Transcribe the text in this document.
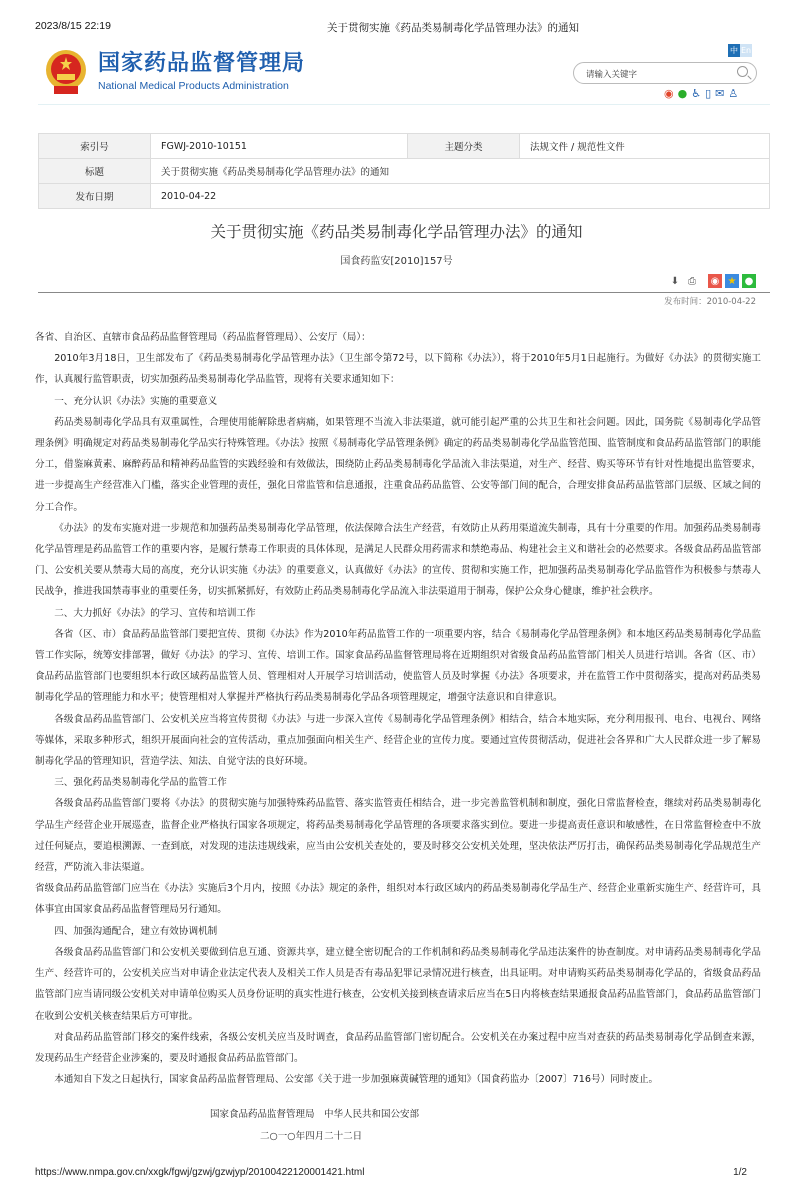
2023/8/15 22:19	关于贯彻实施《药品类易制毒化学品管理办法》的通知
国家药品监督管理局
National Medical Products Administration
中 En
请输入关键字
◉ ● ♿ ▯ ✉ ♙
索引号	FGWJ-2010-10151	主题分类	法规文件 / 规范性文件
标题	关于贯彻实施《药品类易制毒化学品管理办法》的通知		
发布日期	2010-04-22		
关于贯彻实施《药品类易制毒化学品管理办法》的通知
国食药监安[2010]157号
⬇ ⎙	◉ ★ ●
发布时间：2010-04-22

各省、自治区、直辖市食品药品监督管理局（药品监督管理局）、公安厅（局）：

2010年3月18日，卫生部发布了《药品类易制毒化学品管理办法》（卫生部令第72号，以下简称《办法》），将于2010年5月1日起施行。为做好《办法》的贯彻实施工作，认真履行监管职责，切实加强药品类易制毒化学品监管，现将有关要求通知如下：

一、充分认识《办法》实施的重要意义

药品类易制毒化学品具有双重属性，合理使用能解除患者病痛，如果管理不当流入非法渠道，就可能引起严重的公共卫生和社会问题。因此，国务院《易制毒化学品管理条例》明确规定对药品类易制毒化学品实行特殊管理。《办法》按照《易制毒化学品管理条例》确定的药品类易制毒化学品监管范围、监管制度和食品药品监管部门的职能分工，借鉴麻黄素、麻醉药品和精神药品监管的实践经验和有效做法，围绕防止药品类易制毒化学品流入非法渠道，对生产、经营、购买等环节有针对性地提出监管要求，进一步提高生产经营准入门槛，落实企业管理的责任，强化日常监管和信息通报，注重食品药品监管、公安等部门间的配合，合理安排食品药品监管部门层级、区域之间的分工合作。

《办法》的发布实施对进一步规范和加强药品类易制毒化学品管理，依法保障合法生产经营，有效防止从药用渠道流失制毒，具有十分重要的作用。加强药品类易制毒化学品管理是药品监管工作的重要内容，是履行禁毒工作职责的具体体现，是满足人民群众用药需求和禁绝毒品、构建社会主义和谐社会的必然要求。各级食品药品监管部门、公安机关要从禁毒大局的高度，充分认识实施《办法》的重要意义，认真做好《办法》的宣传、贯彻和实施工作，把加强药品类易制毒化学品监管作为积极参与禁毒人民战争，推进我国禁毒事业的重要任务，切实抓紧抓好，有效防止药品类易制毒化学品流入非法渠道用于制毒，保护公众身心健康，维护社会秩序。

二、大力抓好《办法》的学习、宣传和培训工作

各省（区、市）食品药品监管部门要把宣传、贯彻《办法》作为2010年药品监管工作的一项重要内容，结合《易制毒化学品管理条例》和本地区药品类易制毒化学品监管工作实际，统筹安排部署，做好《办法》的学习、宣传、培训工作。国家食品药品监督管理局将在近期组织对省级食品药品监管部门相关人员进行培训。各省（区、市）食品药品监管部门也要组织本行政区域药品监管人员、管理相对人开展学习培训活动，使监管人员及时掌握《办法》各项要求，并在监管工作中贯彻落实，提高对药品类易制毒化学品的管理能力和水平；使管理相对人掌握并严格执行药品类易制毒化学品各项管理规定，增强守法意识和自律意识。

各级食品药品监管部门、公安机关应当将宣传贯彻《办法》与进一步深入宣传《易制毒化学品管理条例》相结合，结合本地实际，充分利用报刊、电台、电视台、网络等媒体，采取多种形式，组织开展面向社会的宣传活动，重点加强面向相关生产、经营企业的宣传力度。要通过宣传贯彻活动，促进社会各界和广大人民群众进一步了解易制毒化学品的管理知识，营造学法、知法、自觉守法的良好环境。

三、强化药品类易制毒化学品的监管工作

各级食品药品监管部门要将《办法》的贯彻实施与加强特殊药品监管、落实监管责任相结合，进一步完善监管机制和制度，强化日常监督检查，继续对药品类易制毒化学品生产经营企业开展巡查，监督企业严格执行国家各项规定，将药品类易制毒化学品管理的各项要求落实到位。要进一步提高责任意识和敏感性，在日常监督检查中不放过任何疑点，要追根溯源、一查到底，对发现的违法违规线索，应当由公安机关查处的，要及时移交公安机关处理，坚决依法严厉打击，确保药品类易制毒化学品规范生产经营，严防流入非法渠道。

省级食品药品监管部门应当在《办法》实施后3个月内，按照《办法》规定的条件，组织对本行政区域内的药品类易制毒化学品生产、经营企业重新实施生产、经营许可，具体事宜由国家食品药品监督管理局另行通知。

四、加强沟通配合，建立有效协调机制

各级食品药品监管部门和公安机关要做到信息互通、资源共享，建立健全密切配合的工作机制和药品类易制毒化学品违法案件的协查制度。对申请药品类易制毒化学品生产、经营许可的，公安机关应当对申请企业法定代表人及相关工作人员是否有毒品犯罪记录情况进行核查，出具证明。对申请购买药品类易制毒化学品的，省级食品药品监管部门应当请同级公安机关对申请单位购买人员身份证明的真实性进行核查，公安机关接到核查请求后应当在5日内将核查结果通报食品药品监管部门，食品药品监管部门在收到公安机关核查结果后方可审批。

对食品药品监管部门移交的案件线索，各级公安机关应当及时调查，食品药品监管部门密切配合。公安机关在办案过程中应当对查获的药品类易制毒化学品倒查来源，发现药品生产经营企业涉案的，要及时通报食品药品监管部门。

本通知自下发之日起执行，国家食品药品监督管理局、公安部《关于进一步加强麻黄碱管理的通知》（国食药监办〔2007〕716号）同时废止。

国家食品药品监督管理局　中华人民共和国公安部
二○一○年四月二十二日
https://www.nmpa.gov.cn/xxgk/fgwj/gzwj/gzwjyp/20100422120001421.html	1/2
